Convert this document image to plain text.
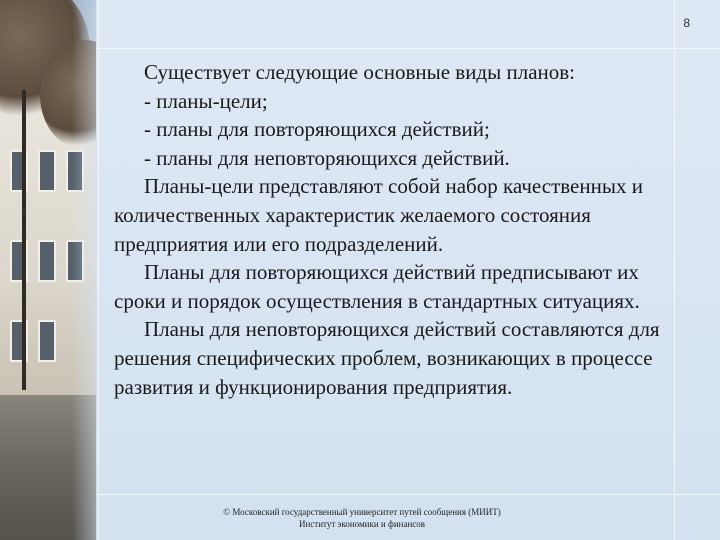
8

Существует следующие основные виды планов:

- планы-цели;

- планы для повторяющихся действий;

- планы для неповторяющихся действий.

Планы-цели представляют собой набор качественных и количественных характеристик желаемого состояния предприятия или его подразделений.

Планы для повторяющихся действий предписывают их сроки и порядок осуществления в стандартных ситуациях.

Планы для неповторяющихся действий составляются для решения специфических проблем, возникающих в процессе развития и функционирования предприятия.

© Московский государственный университет путей сообщения (МИИТ)
Институт экономики и финансов
